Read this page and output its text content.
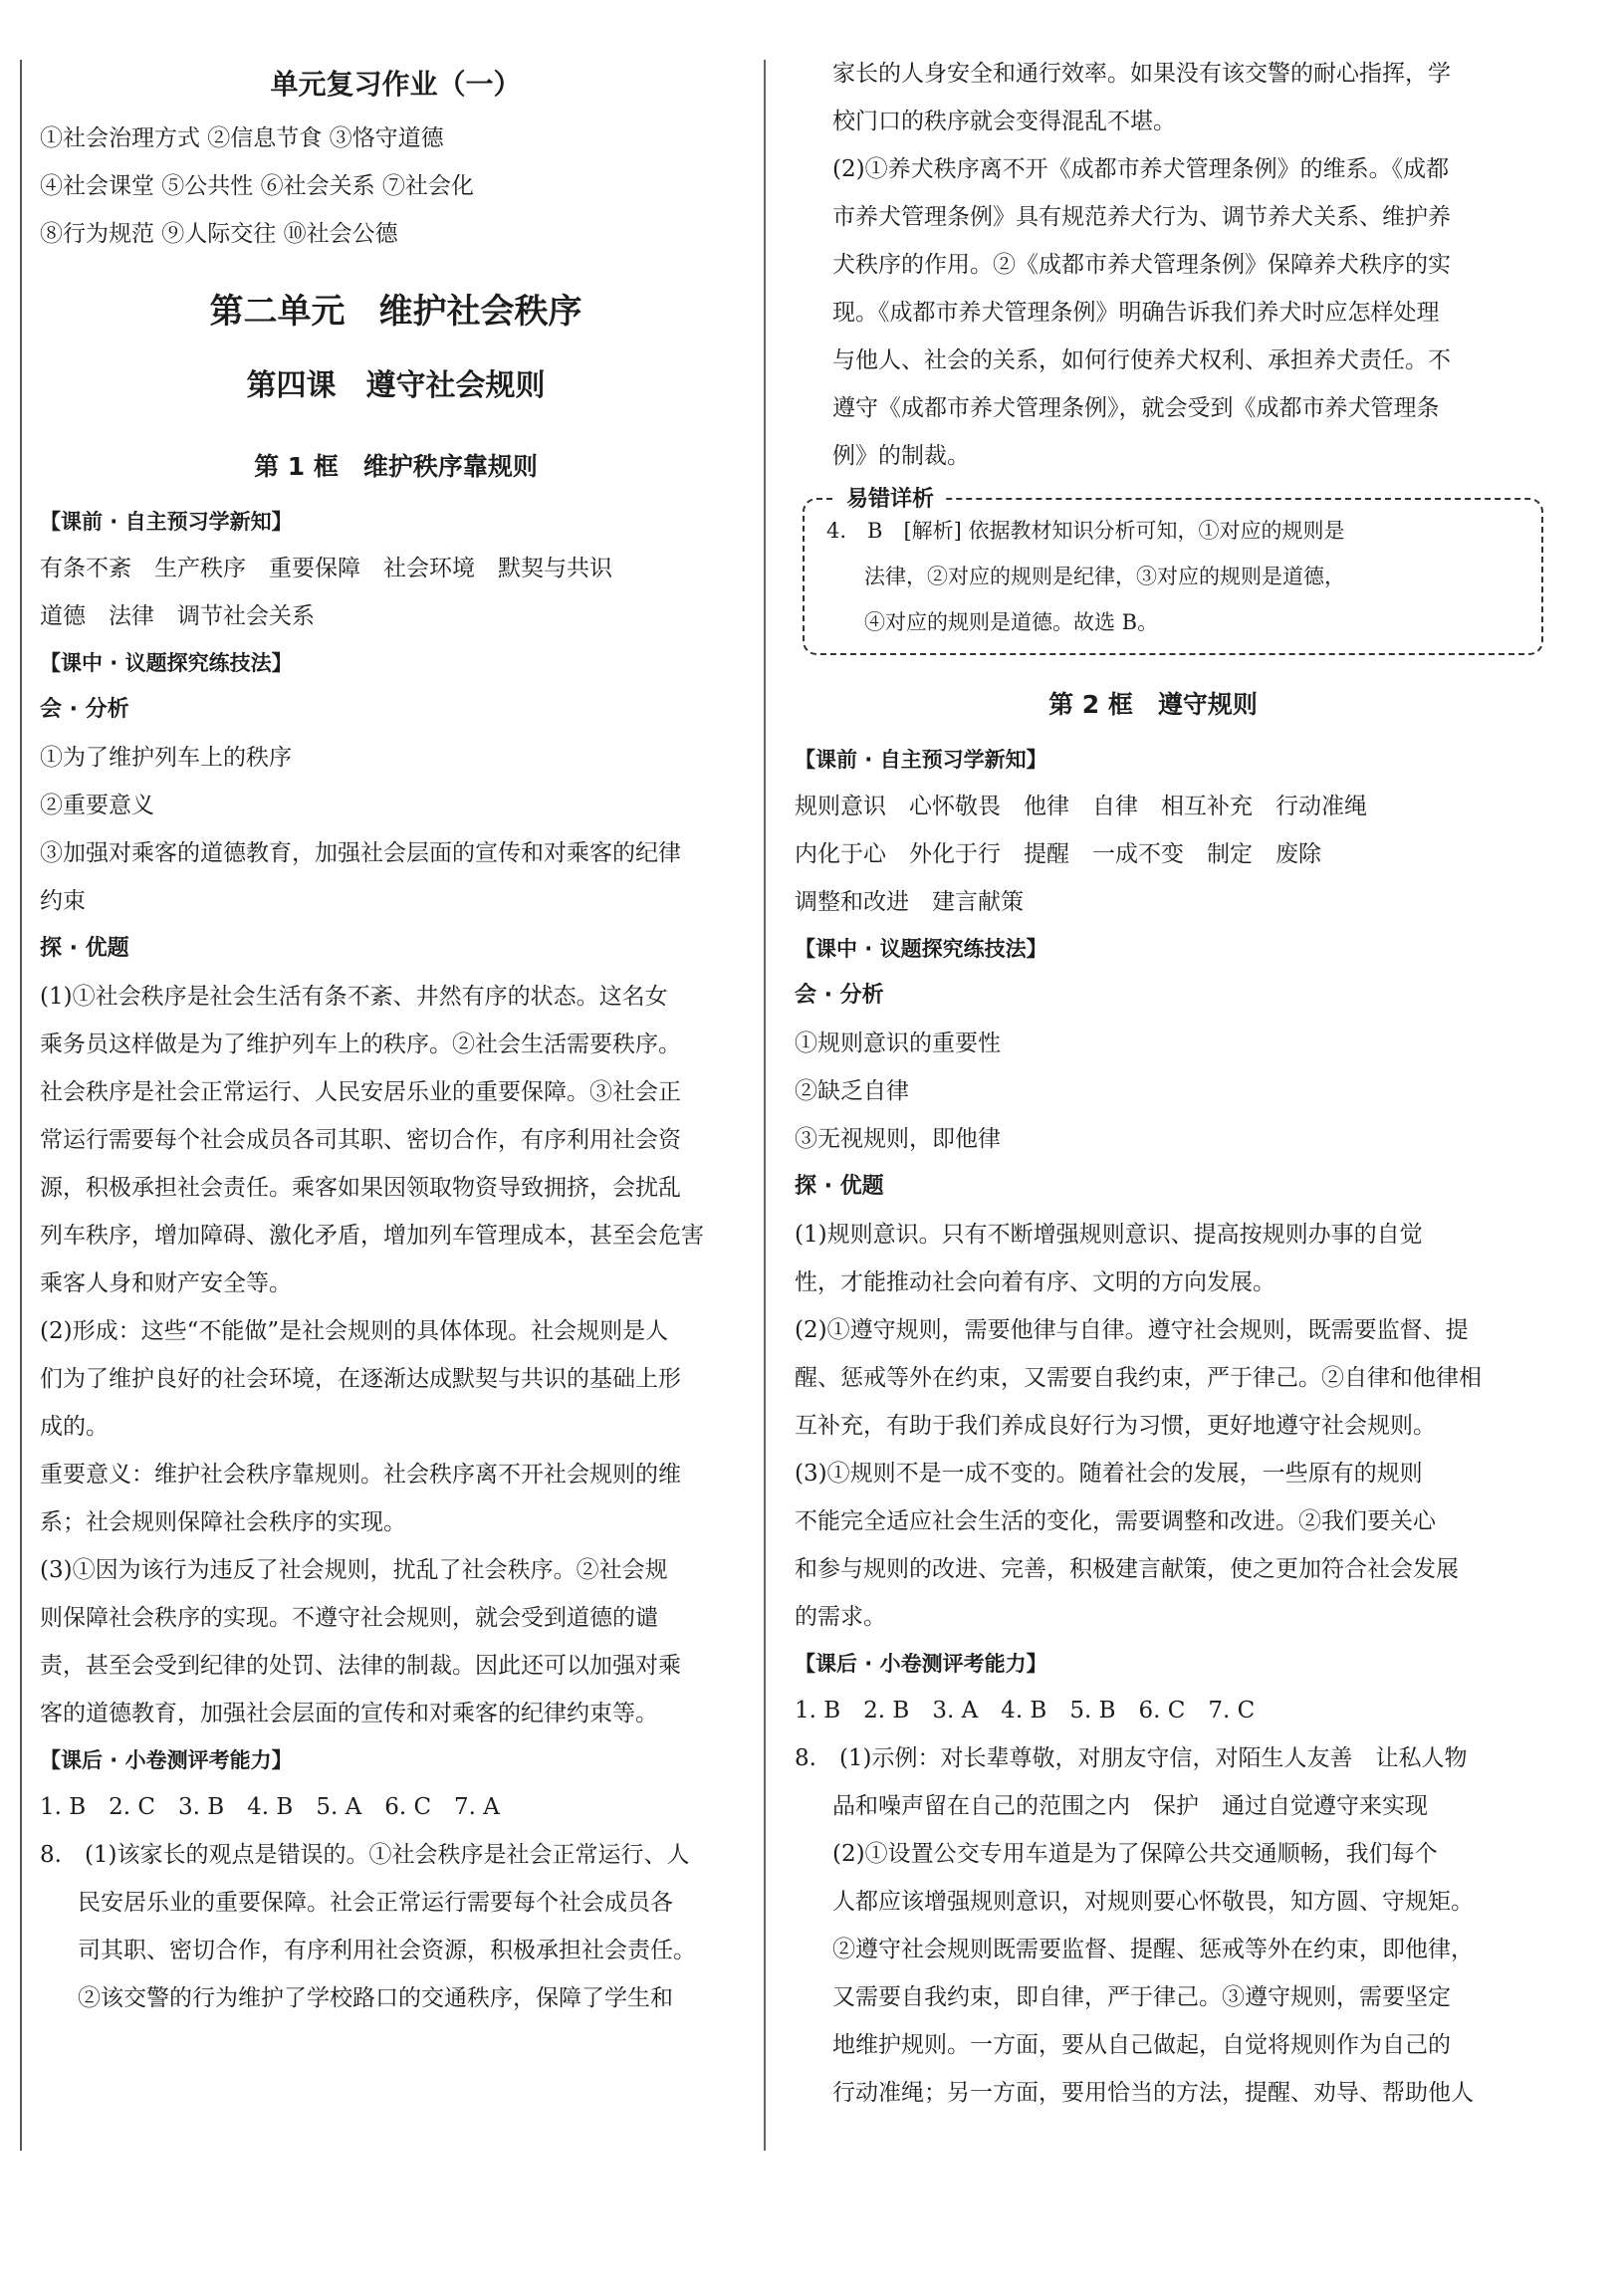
单元复习作业（一）
①社会治理方式 ②信息节食 ③恪守道德
④社会课堂 ⑤公共性 ⑥社会关系 ⑦社会化
⑧行为规范 ⑨人际交往 ⑩社会公德
第二单元　维护社会秩序
第四课　遵守社会规则
第 1 框　维护秩序靠规则
【课前 · 自主预习学新知】
有条不紊　生产秩序　重要保障　社会环境　默契与共识
道德　法律　调节社会关系
【课中 · 议题探究练技法】
会 · 分析
①为了维护列车上的秩序
②重要意义
③加强对乘客的道德教育，加强社会层面的宣传和对乘客的纪律
约束
探 · 优题
(1)①社会秩序是社会生活有条不紊、井然有序的状态。这名女
乘务员这样做是为了维护列车上的秩序。②社会生活需要秩序。
社会秩序是社会正常运行、人民安居乐业的重要保障。③社会正
常运行需要每个社会成员各司其职、密切合作，有序利用社会资
源，积极承担社会责任。乘客如果因领取物资导致拥挤，会扰乱
列车秩序，增加障碍、激化矛盾，增加列车管理成本，甚至会危害
乘客人身和财产安全等。
(2)形成：这些“不能做”是社会规则的具体体现。社会规则是人
们为了维护良好的社会环境，在逐渐达成默契与共识的基础上形
成的。
重要意义：维护社会秩序靠规则。社会秩序离不开社会规则的维
系；社会规则保障社会秩序的实现。
(3)①因为该行为违反了社会规则，扰乱了社会秩序。②社会规
则保障社会秩序的实现。不遵守社会规则，就会受到道德的谴
责，甚至会受到纪律的处罚、法律的制裁。因此还可以加强对乘
客的道德教育，加强社会层面的宣传和对乘客的纪律约束等。
【课后 · 小卷测评考能力】
1. B　2. C　3. B　4. B　5. A　6. C　7. A
8.　(1)该家长的观点是错误的。①社会秩序是社会正常运行、人
民安居乐业的重要保障。社会正常运行需要每个社会成员各
司其职、密切合作，有序利用社会资源，积极承担社会责任。
②该交警的行为维护了学校路口的交通秩序，保障了学生和
家长的人身安全和通行效率。如果没有该交警的耐心指挥，学
校门口的秩序就会变得混乱不堪。
(2)①养犬秩序离不开《成都市养犬管理条例》的维系。《成都
市养犬管理条例》具有规范养犬行为、调节养犬关系、维护养
犬秩序的作用。②《成都市养犬管理条例》保障养犬秩序的实
现。《成都市养犬管理条例》明确告诉我们养犬时应怎样处理
与他人、社会的关系，如何行使养犬权利、承担养犬责任。不
遵守《成都市养犬管理条例》，就会受到《成都市养犬管理条
例》的制裁。
易错详析
4.　B　[解析] 依据教材知识分析可知，①对应的规则是
法律，②对应的规则是纪律，③对应的规则是道德，
④对应的规则是道德。故选 B。
第 2 框　遵守规则
【课前 · 自主预习学新知】
规则意识　心怀敬畏　他律　自律　相互补充　行动准绳
内化于心　外化于行　提醒　一成不变　制定　废除
调整和改进　建言献策
【课中 · 议题探究练技法】
会 · 分析
①规则意识的重要性
②缺乏自律
③无视规则，即他律
探 · 优题
(1)规则意识。只有不断增强规则意识、提高按规则办事的自觉
性，才能推动社会向着有序、文明的方向发展。
(2)①遵守规则，需要他律与自律。遵守社会规则，既需要监督、提
醒、惩戒等外在约束，又需要自我约束，严于律己。②自律和他律相
互补充，有助于我们养成良好行为习惯，更好地遵守社会规则。
(3)①规则不是一成不变的。随着社会的发展，一些原有的规则
不能完全适应社会生活的变化，需要调整和改进。②我们要关心
和参与规则的改进、完善，积极建言献策，使之更加符合社会发展
的需求。
【课后 · 小卷测评考能力】
1. B　2. B　3. A　4. B　5. B　6. C　7. C
8.　(1)示例：对长辈尊敬，对朋友守信，对陌生人友善　让私人物
品和噪声留在自己的范围之内　保护　通过自觉遵守来实现
(2)①设置公交专用车道是为了保障公共交通顺畅，我们每个
人都应该增强规则意识，对规则要心怀敬畏，知方圆、守规矩。
②遵守社会规则既需要监督、提醒、惩戒等外在约束，即他律，
又需要自我约束，即自律，严于律己。③遵守规则，需要坚定
地维护规则。一方面，要从自己做起，自觉将规则作为自己的
行动准绳；另一方面，要用恰当的方法，提醒、劝导、帮助他人
